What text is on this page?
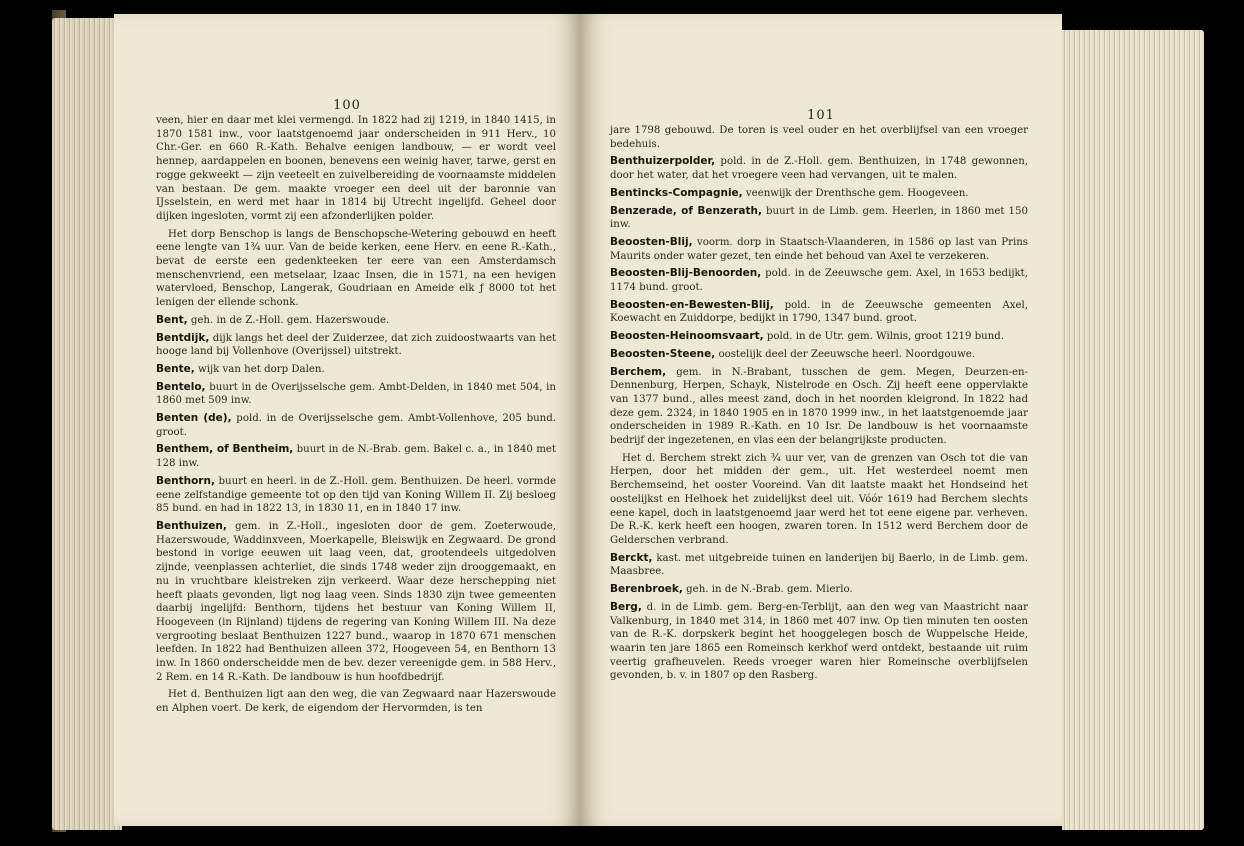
100

veen, hier en daar met klei vermengd. In 1822 had zij 1219, in 1840 1415, in 1870 1581 inw., voor laatstgenoemd jaar onderscheiden in 911 Herv., 10 Chr.-Ger. en 660 R.-Kath. Behalve eenigen landbouw, — er wordt veel hennep, aardappelen en boonen, benevens een weinig haver, tarwe, gerst en rogge gekweekt — zijn veeteelt en zuivelbereiding de voornaamste middelen van bestaan. De gem. maakte vroeger een deel uit der baronnie van IJsselstein, en werd met haar in 1814 bij Utrecht ingelijfd. Geheel door dijken ingesloten, vormt zij een afzonderlijken polder.

Het dorp Benschop is langs de Benschopsche-Wetering gebouwd en heeft eene lengte van 1¾ uur. Van de beide kerken, eene Herv. en eene R.-Kath., bevat de eerste een gedenkteeken ter eere van een Amsterdamsch menschenvriend, een metselaar, Izaac Insen, die in 1571, na een hevigen watervloed, Benschop, Langerak, Goudriaan en Ameide elk ƒ 8000 tot het lenigen der ellende schonk.

Bent, geh. in de Z.-Holl. gem. Hazerswoude.

Bentdijk, dijk langs het deel der Zuiderzee, dat zich zuidoostwaarts van het hooge land bij Vollenhove (Overijssel) uitstrekt.

Bente, wijk van het dorp Dalen.

Bentelo, buurt in de Overijsselsche gem. Ambt-Delden, in 1840 met 504, in 1860 met 509 inw.

Benten (de), pold. in de Overijsselsche gem. Ambt-Vollenhove, 205 bund. groot.

Benthem, of Bentheim, buurt in de N.-Brab. gem. Bakel c. a., in 1840 met 128 inw.

Benthorn, buurt en heerl. in de Z.-Holl. gem. Benthuizen. De heerl. vormde eene zelfstandige gemeente tot op den tijd van Koning Willem II. Zij besloeg 85 bund. en had in 1822 13, in 1830 11, en in 1840 17 inw.

Benthuizen, gem. in Z.-Holl., ingesloten door de gem. Zoeterwoude, Hazerswoude, Waddinxveen, Moerkapelle, Bleiswijk en Zegwaard. De grond bestond in vorige eeuwen uit laag veen, dat, grootendeels uitgedolven zijnde, veenplassen achterliet, die sinds 1748 weder zijn drooggemaakt, en nu in vruchtbare kleistreken zijn verkeerd. Waar deze herschepping niet heeft plaats gevonden, ligt nog laag veen. Sinds 1830 zijn twee gemeenten daarbij ingelijfd: Benthorn, tijdens het bestuur van Koning Willem II, Hoogeveen (in Rijnland) tijdens de regering van Koning Willem III. Na deze vergrooting beslaat Benthuizen 1227 bund., waarop in 1870 671 menschen leefden. In 1822 had Benthuizen alleen 372, Hoogeveen 54, en Benthorn 13 inw. In 1860 onderscheidde men de bev. dezer vereenigde gem. in 588 Herv., 2 Rem. en 14 R.-Kath. De landbouw is hun hoofdbedrijf.

Het d. Benthuizen ligt aan den weg, die van Zegwaard naar Hazerswoude en Alphen voert. De kerk, de eigendom der Hervormden, is ten

101

jare 1798 gebouwd. De toren is veel ouder en het overblijfsel van een vroeger bedehuis.

Benthuizerpolder, pold. in de Z.-Holl. gem. Benthuizen, in 1748 gewonnen, door het water, dat het vroegere veen had vervangen, uit te malen.

Bentincks-Compagnie, veenwijk der Drenthsche gem. Hoogeveen.

Benzerade, of Benzerath, buurt in de Limb. gem. Heerlen, in 1860 met 150 inw.

Beoosten-Blij, voorm. dorp in Staatsch-Vlaanderen, in 1586 op last van Prins Maurits onder water gezet, ten einde het behoud van Axel te verzekeren.

Beoosten-Blij-Benoorden, pold. in de Zeeuwsche gem. Axel, in 1653 bedijkt, 1174 bund. groot.

Beoosten-en-Bewesten-Blij, pold. in de Zeeuwsche gemeenten Axel, Koewacht en Zuiddorpe, bedijkt in 1790, 1347 bund. groot.

Beoosten-Heinoomsvaart, pold. in de Utr. gem. Wilnis, groot 1219 bund.

Beoosten-Steene, oostelijk deel der Zeeuwsche heerl. Noordgouwe.

Berchem, gem. in N.-Brabant, tusschen de gem. Megen, Deurzen-en-Dennenburg, Herpen, Schayk, Nistelrode en Osch. Zij heeft eene oppervlakte van 1377 bund., alles meest zand, doch in het noorden kleigrond. In 1822 had deze gem. 2324, in 1840 1905 en in 1870 1999 inw., in het laatstgenoemde jaar onderscheiden in 1989 R.-Kath. en 10 Isr. De landbouw is het voornaamste bedrijf der ingezetenen, en vlas een der belangrijkste producten.

Het d. Berchem strekt zich ¾ uur ver, van de grenzen van Osch tot die van Herpen, door het midden der gem., uit. Het westerdeel noemt men Berchemseind, het ooster Vooreind. Van dit laatste maakt het Hondseind het oostelijkst en Helhoek het zuidelijkst deel uit. Vóór 1619 had Berchem slechts eene kapel, doch in laatstgenoemd jaar werd het tot eene eigene par. verheven. De R.-K. kerk heeft een hoogen, zwaren toren. In 1512 werd Berchem door de Gelderschen verbrand.

Berckt, kast. met uitgebreide tuinen en landerijen bij Baerlo, in de Limb. gem. Maasbree.

Berenbroek, geh. in de N.-Brab. gem. Mierlo.

Berg, d. in de Limb. gem. Berg-en-Terblijt, aan den weg van Maastricht naar Valkenburg, in 1840 met 314, in 1860 met 407 inw. Op tien minuten ten oosten van de R.-K. dorpskerk begint het hooggelegen bosch de Wuppelsche Heide, waarin ten jare 1865 een Romeinsch kerkhof werd ontdekt, bestaande uit ruim veertig grafheuvelen. Reeds vroeger waren hier Romeinsche overblijfselen gevonden, b. v. in 1807 op den Rasberg.
